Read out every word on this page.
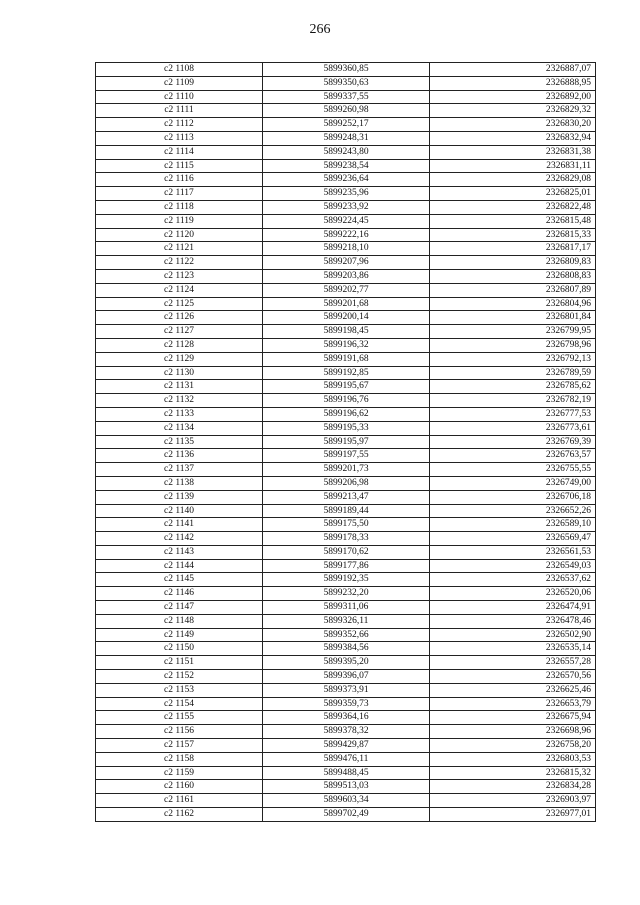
266
c2 1108	5899360,85	2326887,07
c2 1109	5899350,63	2326888,95
c2 1110	5899337,55	2326892,00
c2 1111	5899260,98	2326829,32
c2 1112	5899252,17	2326830,20
c2 1113	5899248,31	2326832,94
c2 1114	5899243,80	2326831,38
c2 1115	5899238,54	2326831,11
c2 1116	5899236,64	2326829,08
c2 1117	5899235,96	2326825,01
c2 1118	5899233,92	2326822,48
c2 1119	5899224,45	2326815,48
c2 1120	5899222,16	2326815,33
c2 1121	5899218,10	2326817,17
c2 1122	5899207,96	2326809,83
c2 1123	5899203,86	2326808,83
c2 1124	5899202,77	2326807,89
c2 1125	5899201,68	2326804,96
c2 1126	5899200,14	2326801,84
c2 1127	5899198,45	2326799,95
c2 1128	5899196,32	2326798,96
c2 1129	5899191,68	2326792,13
c2 1130	5899192,85	2326789,59
c2 1131	5899195,67	2326785,62
c2 1132	5899196,76	2326782,19
c2 1133	5899196,62	2326777,53
c2 1134	5899195,33	2326773,61
c2 1135	5899195,97	2326769,39
c2 1136	5899197,55	2326763,57
c2 1137	5899201,73	2326755,55
c2 1138	5899206,98	2326749,00
c2 1139	5899213,47	2326706,18
c2 1140	5899189,44	2326652,26
c2 1141	5899175,50	2326589,10
c2 1142	5899178,33	2326569,47
c2 1143	5899170,62	2326561,53
c2 1144	5899177,86	2326549,03
c2 1145	5899192,35	2326537,62
c2 1146	5899232,20	2326520,06
c2 1147	5899311,06	2326474,91
c2 1148	5899326,11	2326478,46
c2 1149	5899352,66	2326502,90
c2 1150	5899384,56	2326535,14
c2 1151	5899395,20	2326557,28
c2 1152	5899396,07	2326570,56
c2 1153	5899373,91	2326625,46
c2 1154	5899359,73	2326653,79
c2 1155	5899364,16	2326675,94
c2 1156	5899378,32	2326698,96
c2 1157	5899429,87	2326758,20
c2 1158	5899476,11	2326803,53
c2 1159	5899488,45	2326815,32
c2 1160	5899513,03	2326834,28
c2 1161	5899603,34	2326903,97
c2 1162	5899702,49	2326977,01
